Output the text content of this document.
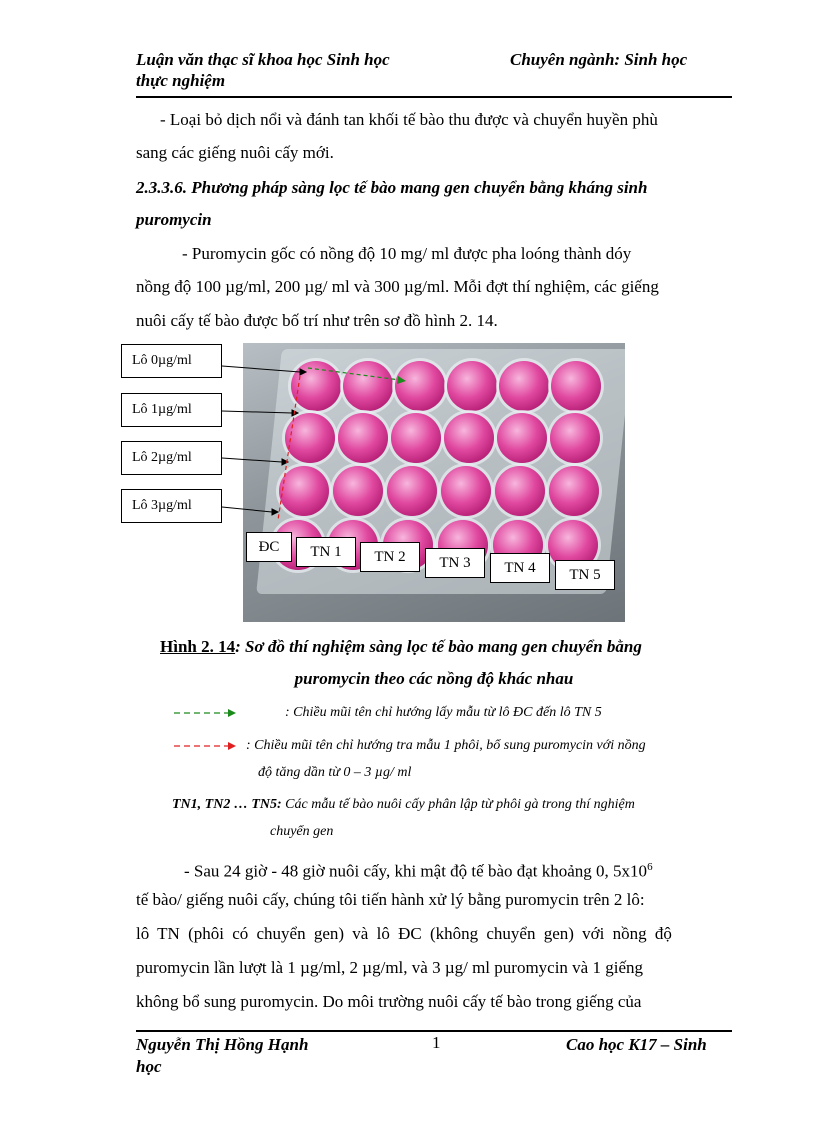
Luận văn thạc sĩ khoa học Sinh học
thực nghiệm
Chuyên ngành: Sinh học
- Loại bỏ dịch nổi và đánh tan khối tế bào thu được và chuyển huyền phù
sang các giếng nuôi cấy mới.
2.3.3.6. Phương pháp sàng lọc tế bào mang gen chuyển bằng kháng sinh
puromycin
- Puromycin gốc có nồng độ 10 mg/ ml được pha loóng thành dóy
nồng độ 100 µg/ml, 200 µg/ ml và 300 µg/ml. Mỗi đợt thí nghiệm, các giếng
nuôi cấy tế bào được bố trí như trên sơ đồ hình 2. 14.
Lô 0µg/ml
Lô 1µg/ml
Lô 2µg/ml
Lô 3µg/ml
ĐC	TN 1	TN 2	TN 3	TN 4	TN 5
Hình 2. 14: Sơ đồ thí nghiệm sàng lọc tế bào mang gen chuyển bằng
puromycin theo các nồng độ khác nhau
: Chiều mũi tên chỉ hướng lấy mẫu từ lô ĐC đến lô TN 5
: Chiều mũi tên chỉ hướng tra mẫu 1 phôi, bổ sung puromycin với nồng
độ tăng dần từ 0 – 3 µg/ ml
TN1, TN2 … TN5: Các mẫu tế bào nuôi cấy phân lập từ phôi gà trong thí nghiệm
chuyển gen
- Sau 24 giờ - 48 giờ nuôi cấy, khi mật độ tế bào đạt khoảng 0, $5x10^6$
tế bào/ giếng nuôi cấy, chúng tôi tiến hành xử lý bằng puromycin trên 2 lô:
lô TN (phôi có chuyển gen) và lô ĐC (không chuyển gen) với nồng độ
puromycin lần lượt là 1 µg/ml, 2 µg/ml, và 3 µg/ ml puromycin và 1 giếng
không bổ sung puromycin. Do môi trường nuôi cấy tế bào trong giếng của
Nguyễn Thị Hồng Hạnh
học
1	Cao học K17 – Sinh
